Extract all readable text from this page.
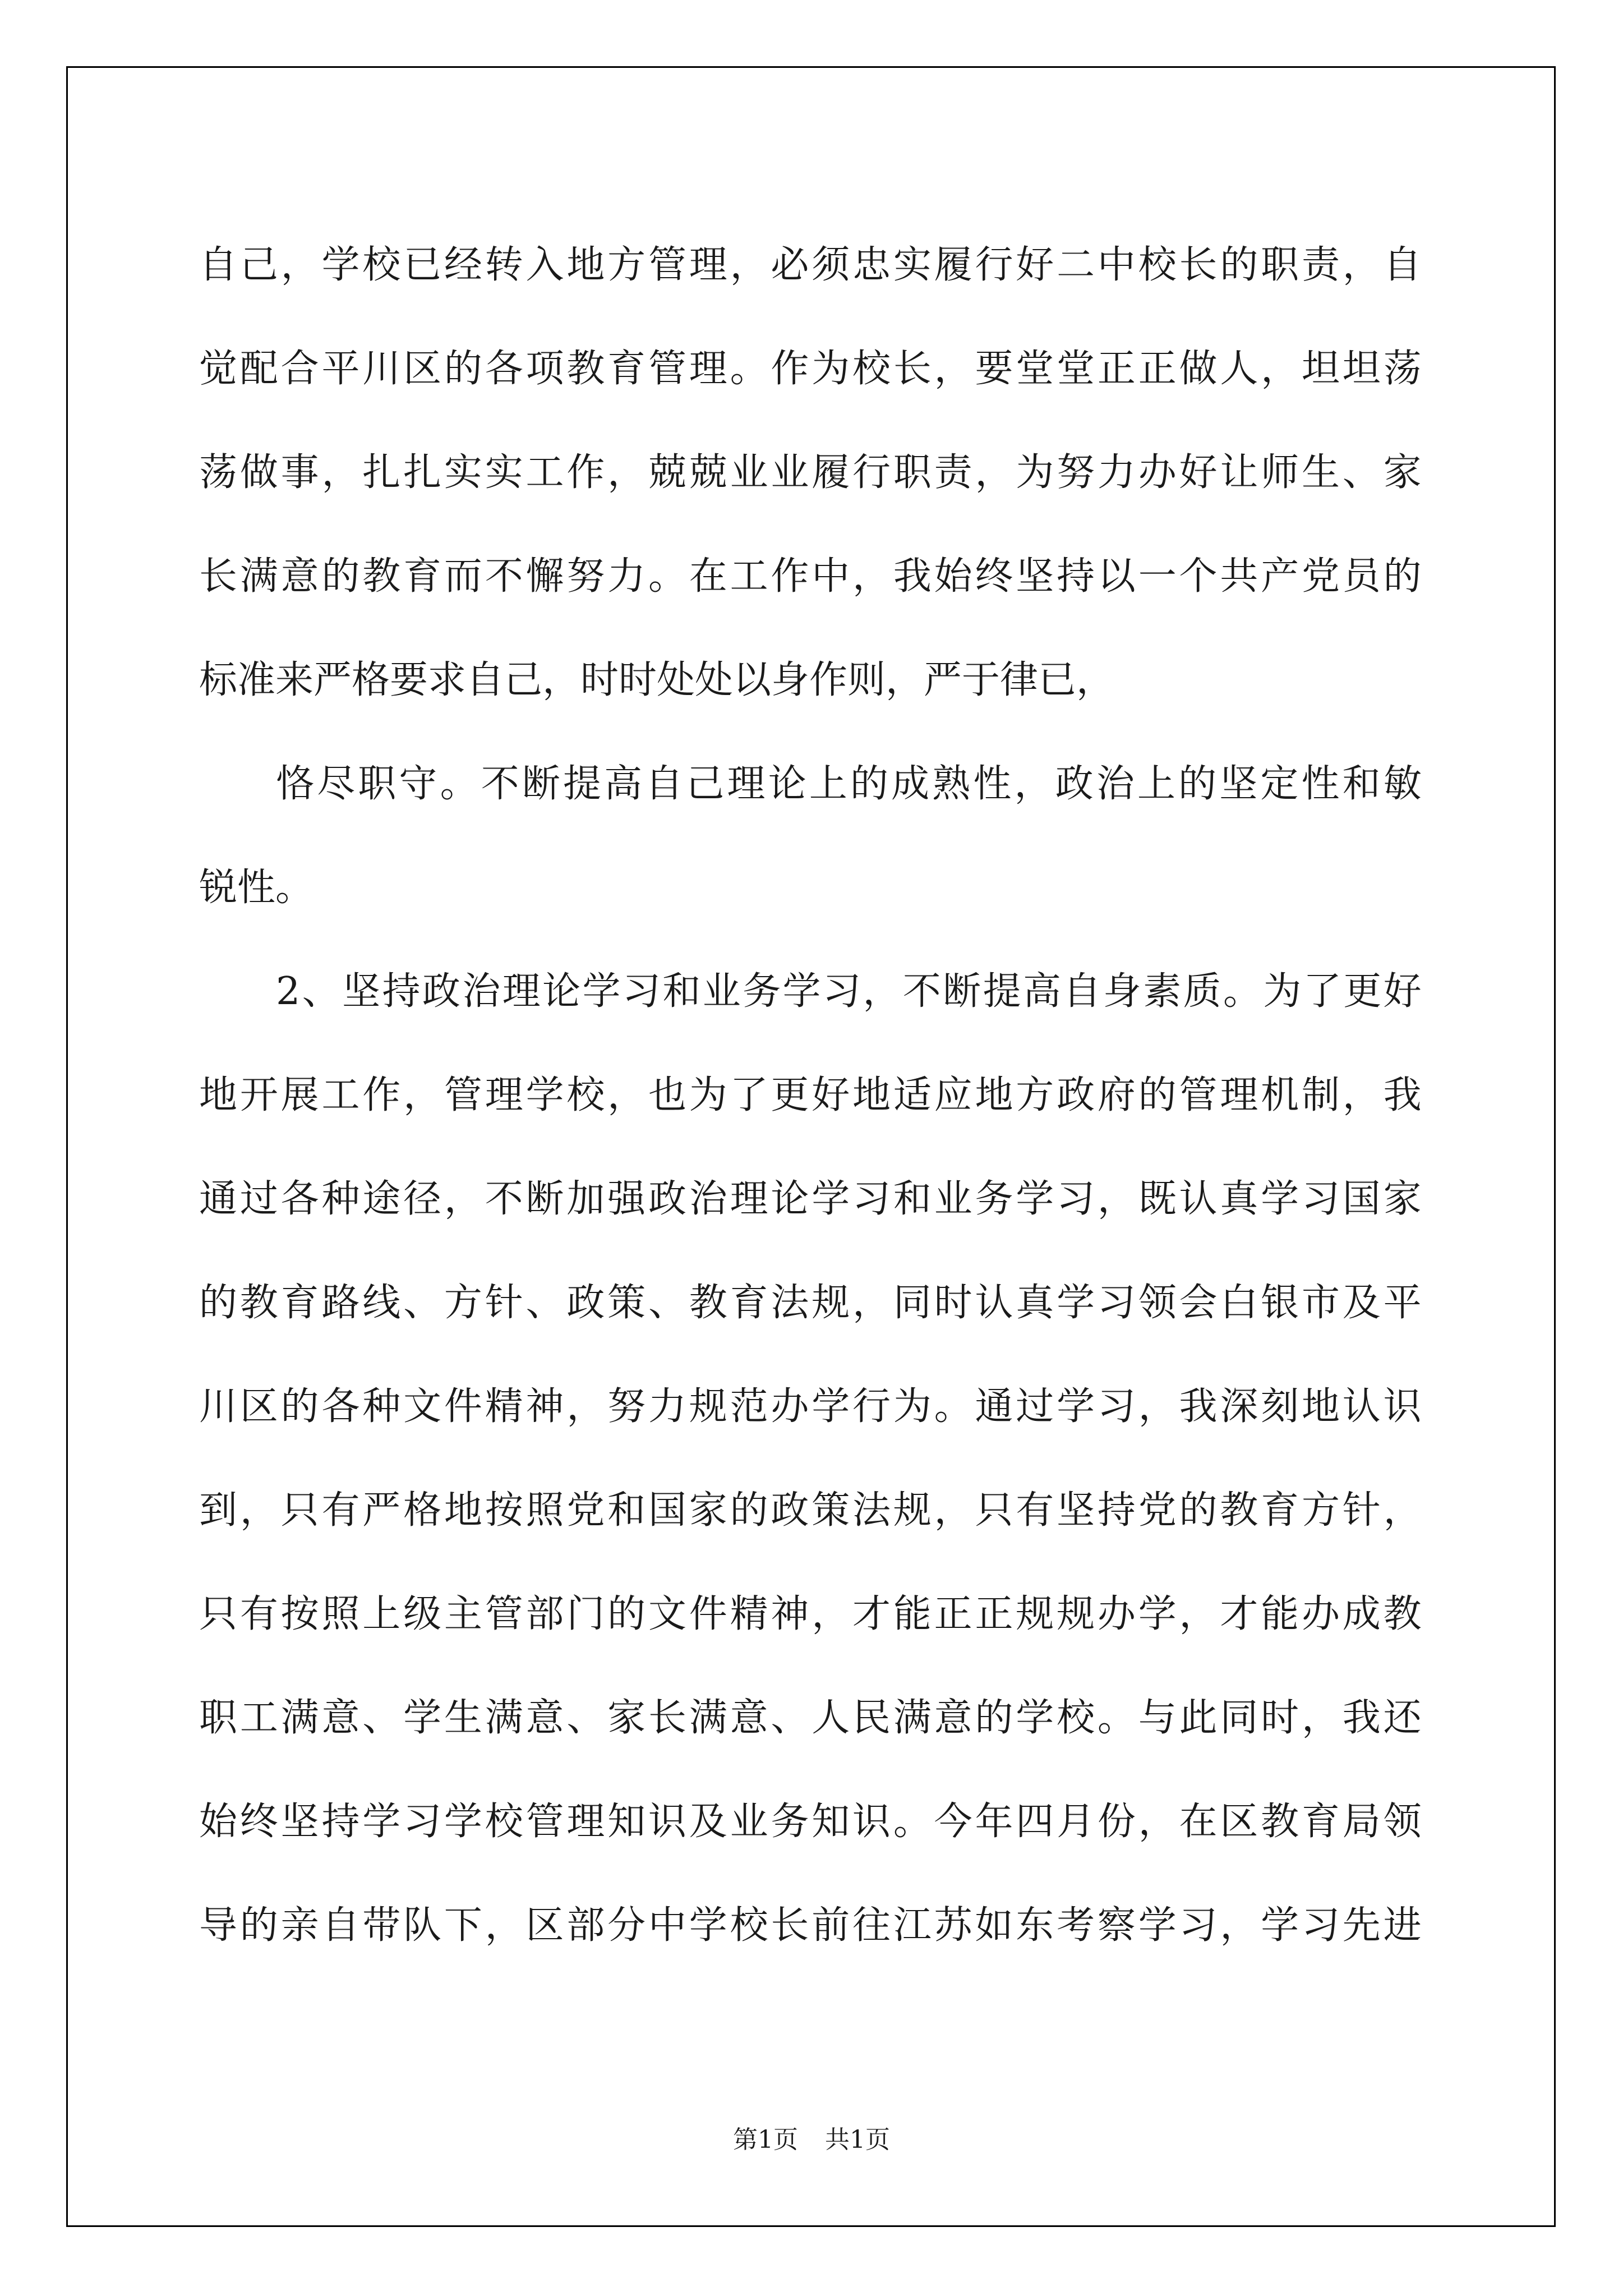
自 己 ， 学 校 已 经 转 入 地 方 管 理 ， 必 须 忠 实 履 行 好 二 中 校 长 的 职 责 ， 自
觉 配 合 平 川 区 的 各 项 教 育 管 理 。 作 为 校 长 ， 要 堂 堂 正 正 做 人 ， 坦 坦 荡
荡 做 事 ， 扎 扎 实 实 工 作 ， 兢 兢 业 业 履 行 职 责 ， 为 努 力 办 好 让 师 生 、 家
长 满 意 的 教 育 而 不 懈 努 力 。 在 工 作 中 ， 我 始 终 坚 持 以 一 个 共 产 党 员 的
标准来严格要求自己，时时处处以身作则，严于律已，
恪 尽 职 守 。 不 断 提 高 自 己 理 论 上 的 成 熟 性 ， 政 治 上 的 坚 定 性 和 敏
锐性。
2 、 坚 持 政 治 理 论 学 习 和 业 务 学 习 ， 不 断 提 高 自 身 素 质 。 为 了 更 好
地 开 展 工 作 ， 管 理 学 校 ， 也 为 了 更 好 地 适 应 地 方 政 府 的 管 理 机 制 ， 我
通 过 各 种 途 径 ， 不 断 加 强 政 治 理 论 学 习 和 业 务 学 习 ， 既 认 真 学 习 国 家
的 教 育 路 线 、 方 针 、 政 策 、 教 育 法 规 ， 同 时 认 真 学 习 领 会 白 银 市 及 平
川 区 的 各 种 文 件 精 神 ， 努 力 规 范 办 学 行 为 。 通 过 学 习 ， 我 深 刻 地 认 识
到 ， 只 有 严 格 地 按 照 党 和 国 家 的 政 策 法 规 ， 只 有 坚 持 党 的 教 育 方 针 ，
只 有 按 照 上 级 主 管 部 门 的 文 件 精 神 ， 才 能 正 正 规 规 办 学 ， 才 能 办 成 教
职 工 满 意 、 学 生 满 意 、 家 长 满 意 、 人 民 满 意 的 学 校 。 与 此 同 时 ， 我 还
始 终 坚 持 学 习 学 校 管 理 知 识 及 业 务 知 识 。 今 年 四 月 份 ， 在 区 教 育 局 领
导 的 亲 自 带 队 下 ， 区 部 分 中 学 校 长 前 往 江 苏 如 东 考 察 学 习 ， 学 习 先 进
第1页 共1页
